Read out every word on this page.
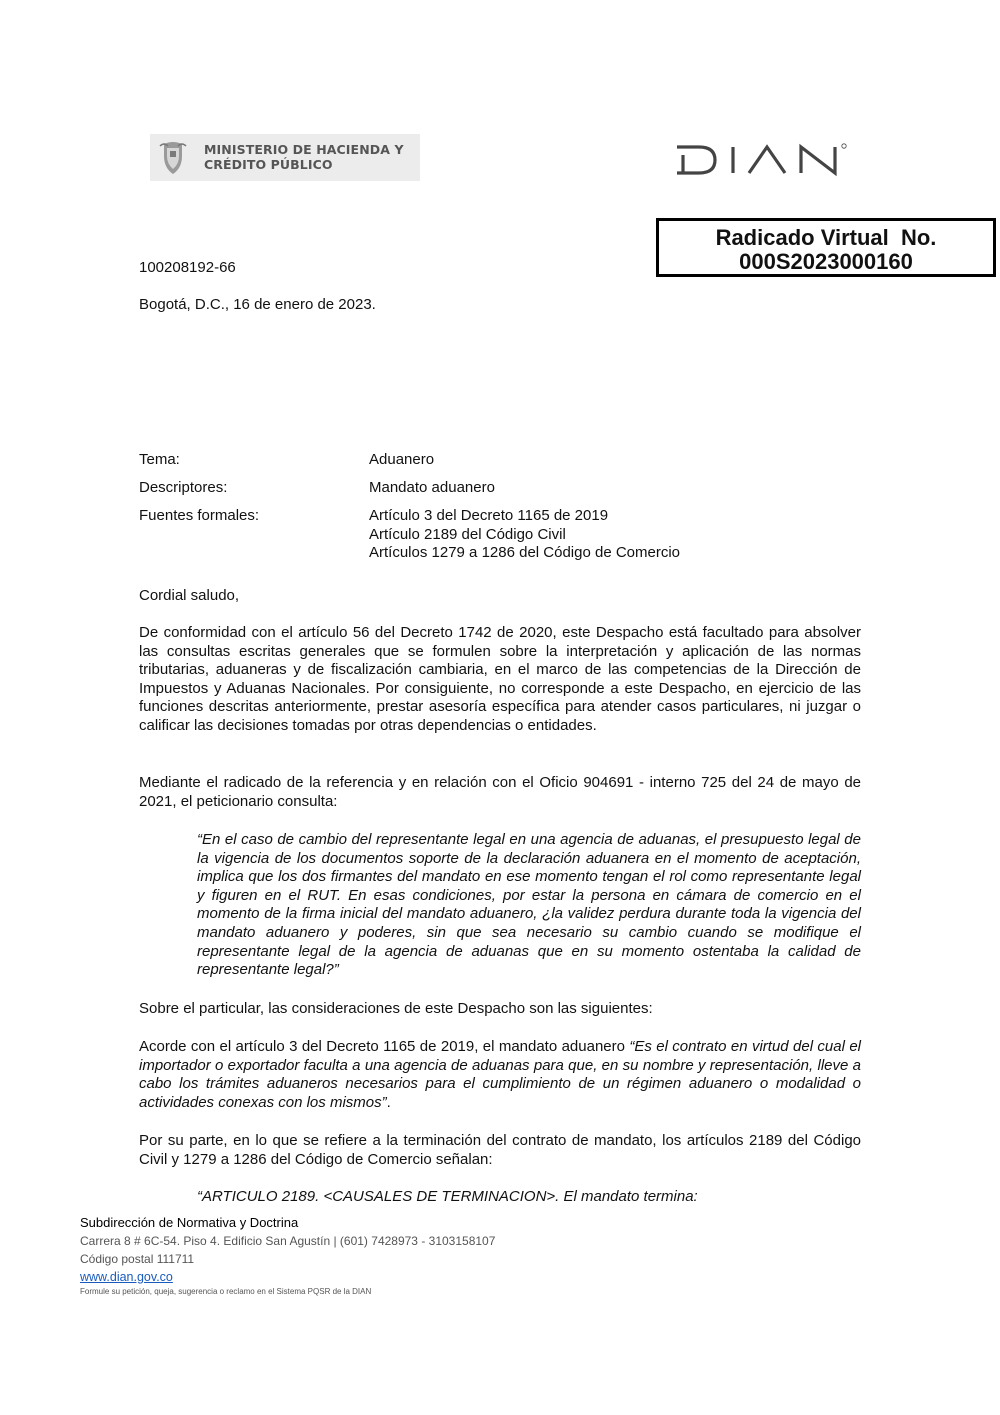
MINISTERIO DE HACIENDA Y
CRÉDITO PÚBLICO
Radicado Virtual  No.
000S2023000160
100208192-66
Bogotá, D.C., 16 de enero de 2023.
Tema:	Aduanero
Descriptores:	Mandato aduanero
Fuentes formales:	Artículo 3 del Decreto 1165 de 2019
Artículo 2189 del Código Civil
Artículos 1279 a 1286 del Código de Comercio
Cordial saludo,
De conformidad con el artículo 56 del Decreto 1742 de 2020, este Despacho está facultado para absolver las consultas escritas generales que se formulen sobre la interpretación y aplicación de las normas tributarias, aduaneras y de fiscalización cambiaria, en el marco de las competencias de la Dirección de Impuestos y Aduanas Nacionales. Por consiguiente, no corresponde a este Despacho, en ejercicio de las funciones descritas anteriormente, prestar asesoría específica para atender casos particulares, ni juzgar o calificar las decisiones tomadas por otras dependencias o entidades.
Mediante el radicado de la referencia y en relación con el Oficio 904691 - interno 725 del 24 de mayo de 2021, el peticionario consulta:
“En el caso de cambio del representante legal en una agencia de aduanas, el presupuesto legal de la vigencia de los documentos soporte de la declaración aduanera en el momento de aceptación, implica que los dos firmantes del mandato en ese momento tengan el rol como representante legal y figuren en el RUT. En esas condiciones, por estar la persona en cámara de comercio en el momento de la firma inicial del mandato aduanero, ¿la validez perdura durante toda la vigencia del mandato aduanero y poderes, sin que sea necesario su cambio cuando se modifique el representante legal de la agencia de aduanas que en su momento ostentaba la calidad de representante legal?”
Sobre el particular, las consideraciones de este Despacho son las siguientes:
Acorde con el artículo 3 del Decreto 1165 de 2019, el mandato aduanero “Es el contrato en virtud del cual el importador o exportador faculta a una agencia de aduanas para que, en su nombre y representación, lleve a cabo los trámites aduaneros necesarios para el cumplimiento de un régimen aduanero o modalidad o actividades conexas con los mismos”.
Por su parte, en lo que se refiere a la terminación del contrato de mandato, los artículos 2189 del Código Civil y 1279 a 1286 del Código de Comercio señalan:
“ARTICULO 2189. <CAUSALES DE TERMINACION>. El mandato termina:
Subdirección de Normativa y Doctrina
Carrera 8 # 6C-54. Piso 4. Edificio San Agustín | (601) 7428973 - 3103158107
Código postal 111711
www.dian.gov.co
Formule su petición, queja, sugerencia o reclamo en el Sistema PQSR de la DIAN
